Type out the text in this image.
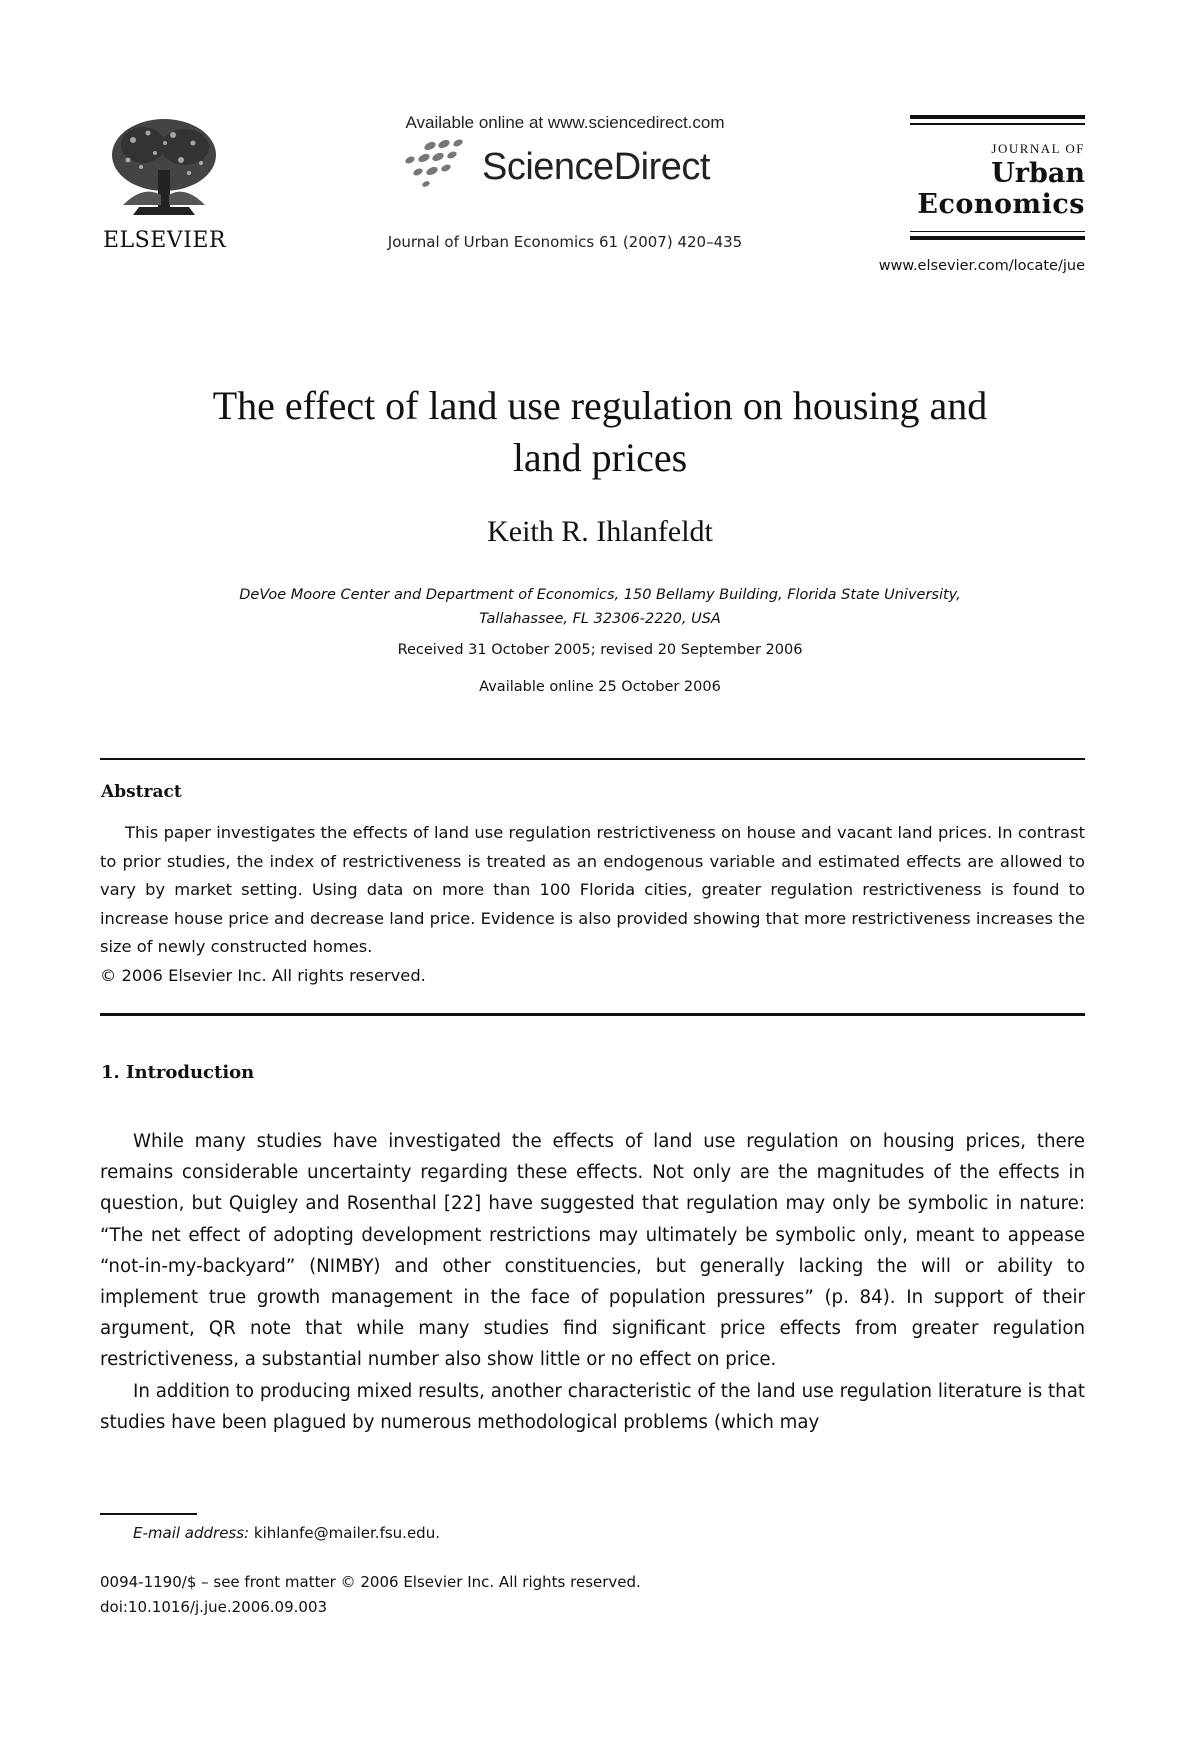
ELSEVIER
Available online at www.sciencedirect.com
ScienceDirect
Journal of Urban Economics 61 (2007) 420–435
JOURNAL OF
Urban
Economics
www.elsevier.com/locate/jue
The effect of land use regulation on housing and
land prices
Keith R. Ihlanfeldt
DeVoe Moore Center and Department of Economics, 150 Bellamy Building, Florida State University,
Tallahassee, FL 32306-2220, USA
Received 31 October 2005; revised 20 September 2006
Available online 25 October 2006
Abstract

This paper investigates the effects of land use regulation restrictiveness on house and vacant land prices. In contrast to prior studies, the index of restrictiveness is treated as an endogenous variable and estimated effects are allowed to vary by market setting. Using data on more than 100 Florida cities, greater regulation restrictiveness is found to increase house price and decrease land price. Evidence is also provided showing that more restrictiveness increases the size of newly constructed homes.

© 2006 Elsevier Inc. All rights reserved.
1. Introduction

While many studies have investigated the effects of land use regulation on housing prices, there remains considerable uncertainty regarding these effects. Not only are the magnitudes of the effects in question, but Quigley and Rosenthal [22] have suggested that regulation may only be symbolic in nature: “The net effect of adopting development restrictions may ultimately be symbolic only, meant to appease “not-in-my-backyard” (NIMBY) and other constituencies, but generally lacking the will or ability to implement true growth management in the face of population pressures” (p. 84). In support of their argument, QR note that while many studies find significant price effects from greater regulation restrictiveness, a substantial number also show little or no effect on price.

In addition to producing mixed results, another characteristic of the land use regulation literature is that studies have been plagued by numerous methodological problems (which may

E-mail address: kihlanfe@mailer.fsu.edu.
0094-1190/$ – see front matter © 2006 Elsevier Inc. All rights reserved.
doi:10.1016/j.jue.2006.09.003
